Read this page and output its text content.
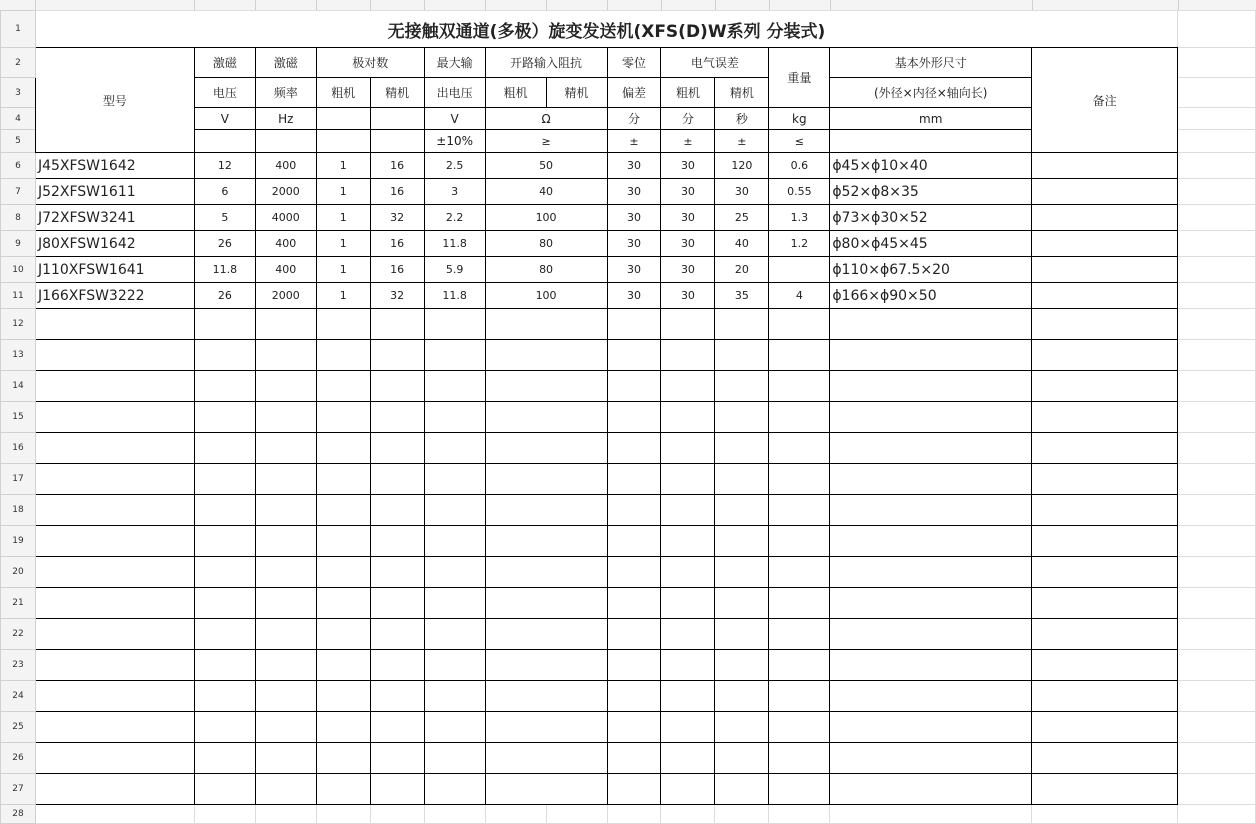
1	无接触双通道(多极）旋变发送机(XFS(D)W系列 分装式)														
2	型号	激磁	激磁	极对数		最大输	开路输入阻抗		零位	电气误差		重量	基本外形尺寸	备注	
3		电压	频率	粗机	精机	出电压	粗机	精机	偏差	粗机	精机		(外径×内径×轴向长)		
4		V	Hz			V	Ω		分	分	秒	kg	mm		
5						±10%	≥		±	±	±	≤			
6	J45XFSW1642	12	400	1	16	2.5	50		30	30	120	0.6	ϕ45×ϕ10×40		
7	J52XFSW1611	6	2000	1	16	3	40		30	30	30	0.55	ϕ52×ϕ8×35		
8	J72XFSW3241	5	4000	1	32	2.2	100		30	30	25	1.3	ϕ73×ϕ30×52		
9	J80XFSW1642	26	400	1	16	11.8	80		30	30	40	1.2	ϕ80×ϕ45×45		
10	J110XFSW1641	11.8	400	1	16	5.9	80		30	30	20		ϕ110×ϕ67.5×20		
11	J166XFSW3222	26	2000	1	32	11.8	100		30	30	35	4	ϕ166×ϕ90×50		
12															
13															
14															
15															
16															
17															
18															
19															
20															
21															
22															
23															
24															
25															
26															
27															
28															
